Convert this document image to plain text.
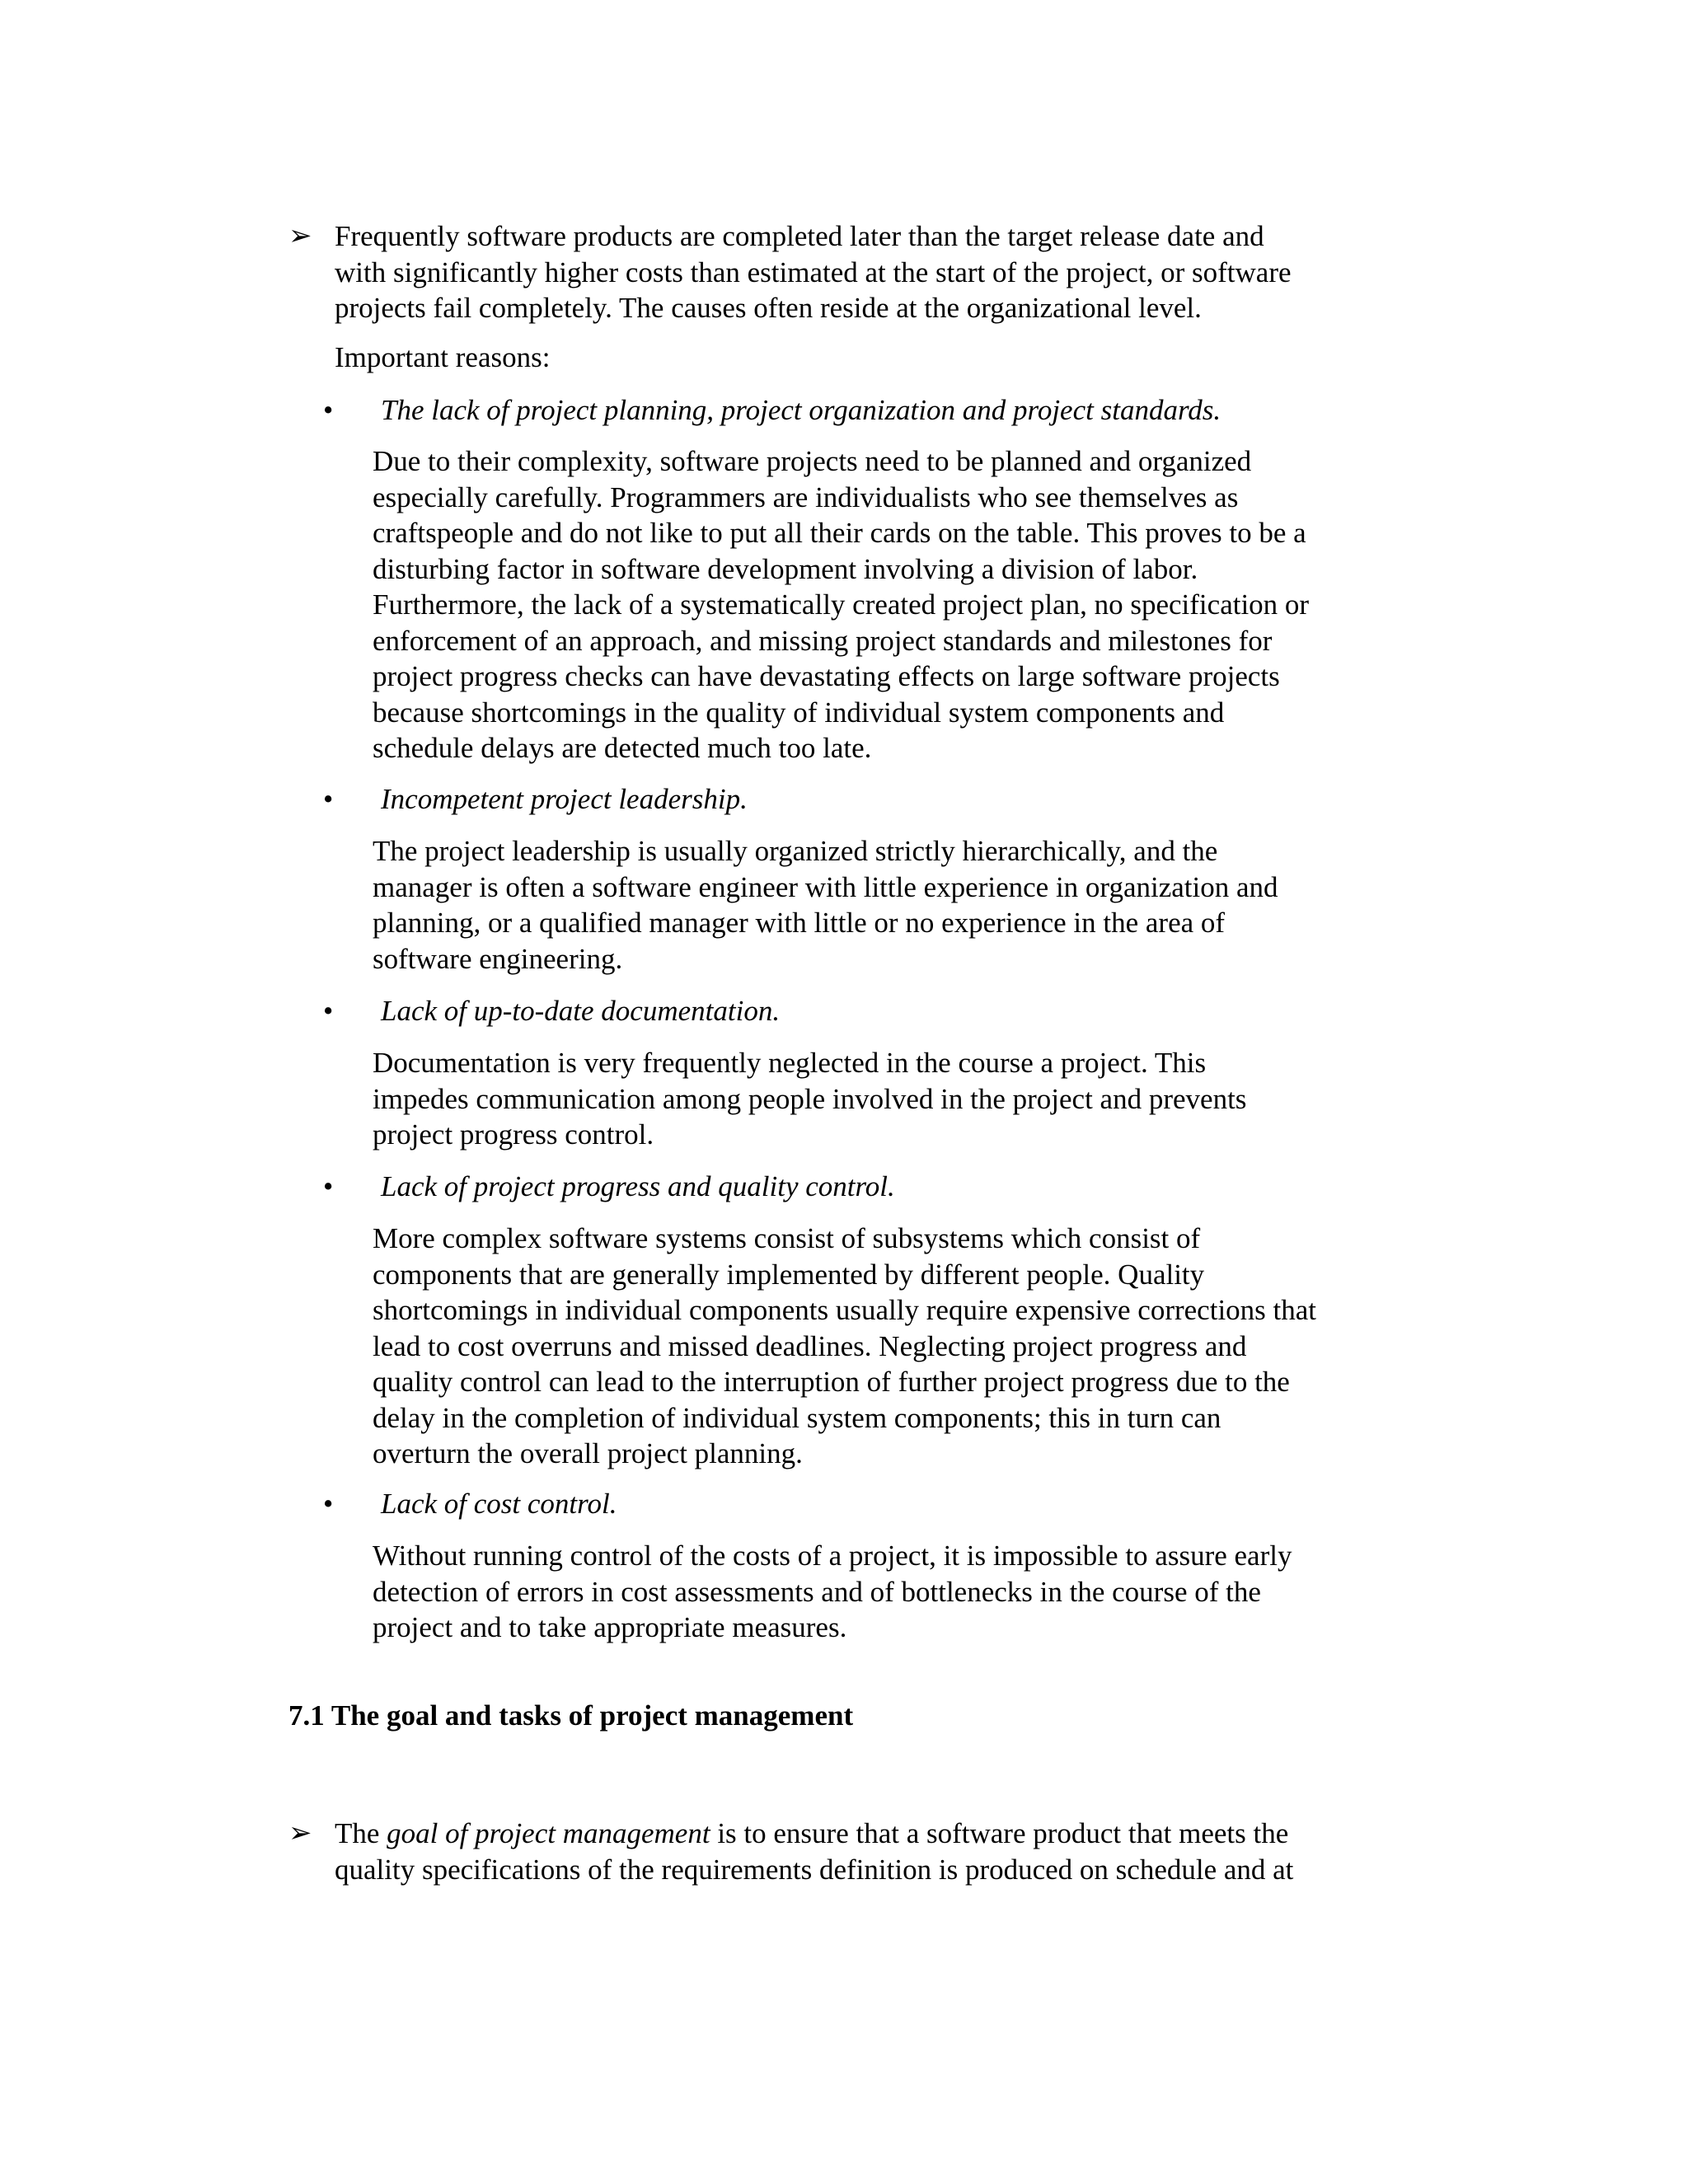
➢ Frequently software products are completed later than the target release date and
with significantly higher costs than estimated at the start of the project, or software
projects fail completely. The causes often reside at the organizational level.
Important reasons:
• The lack of project planning, project organization and project standards.
Due to their complexity, software projects need to be planned and organized
especially carefully. Programmers are individualists who see themselves as
craftspeople and do not like to put all their cards on the table. This proves to be a
disturbing factor in software development involving a division of labor.
Furthermore, the lack of a systematically created project plan, no specification or
enforcement of an approach, and missing project standards and milestones for
project progress checks can have devastating effects on large software projects
because shortcomings in the quality of individual system components and
schedule delays are detected much too late.
• Incompetent project leadership.
The project leadership is usually organized strictly hierarchically, and the
manager is often a software engineer with little experience in organization and
planning, or a qualified manager with little or no experience in the area of
software engineering.
• Lack of up-to-date documentation.
Documentation is very frequently neglected in the course a project. This
impedes communication among people involved in the project and prevents
project progress control.
• Lack of project progress and quality control.
More complex software systems consist of subsystems which consist of
components that are generally implemented by different people. Quality
shortcomings in individual components usually require expensive corrections that
lead to cost overruns and missed deadlines. Neglecting project progress and
quality control can lead to the interruption of further project progress due to the
delay in the completion of individual system components; this in turn can
overturn the overall project planning.
• Lack of cost control.
Without running control of the costs of a project, it is impossible to assure early
detection of errors in cost assessments and of bottlenecks in the course of the
project and to take appropriate measures.
7.1 The goal and tasks of project management
➢ The goal of project management is to ensure that a software product that meets the
quality specifications of the requirements definition is produced on schedule and at
